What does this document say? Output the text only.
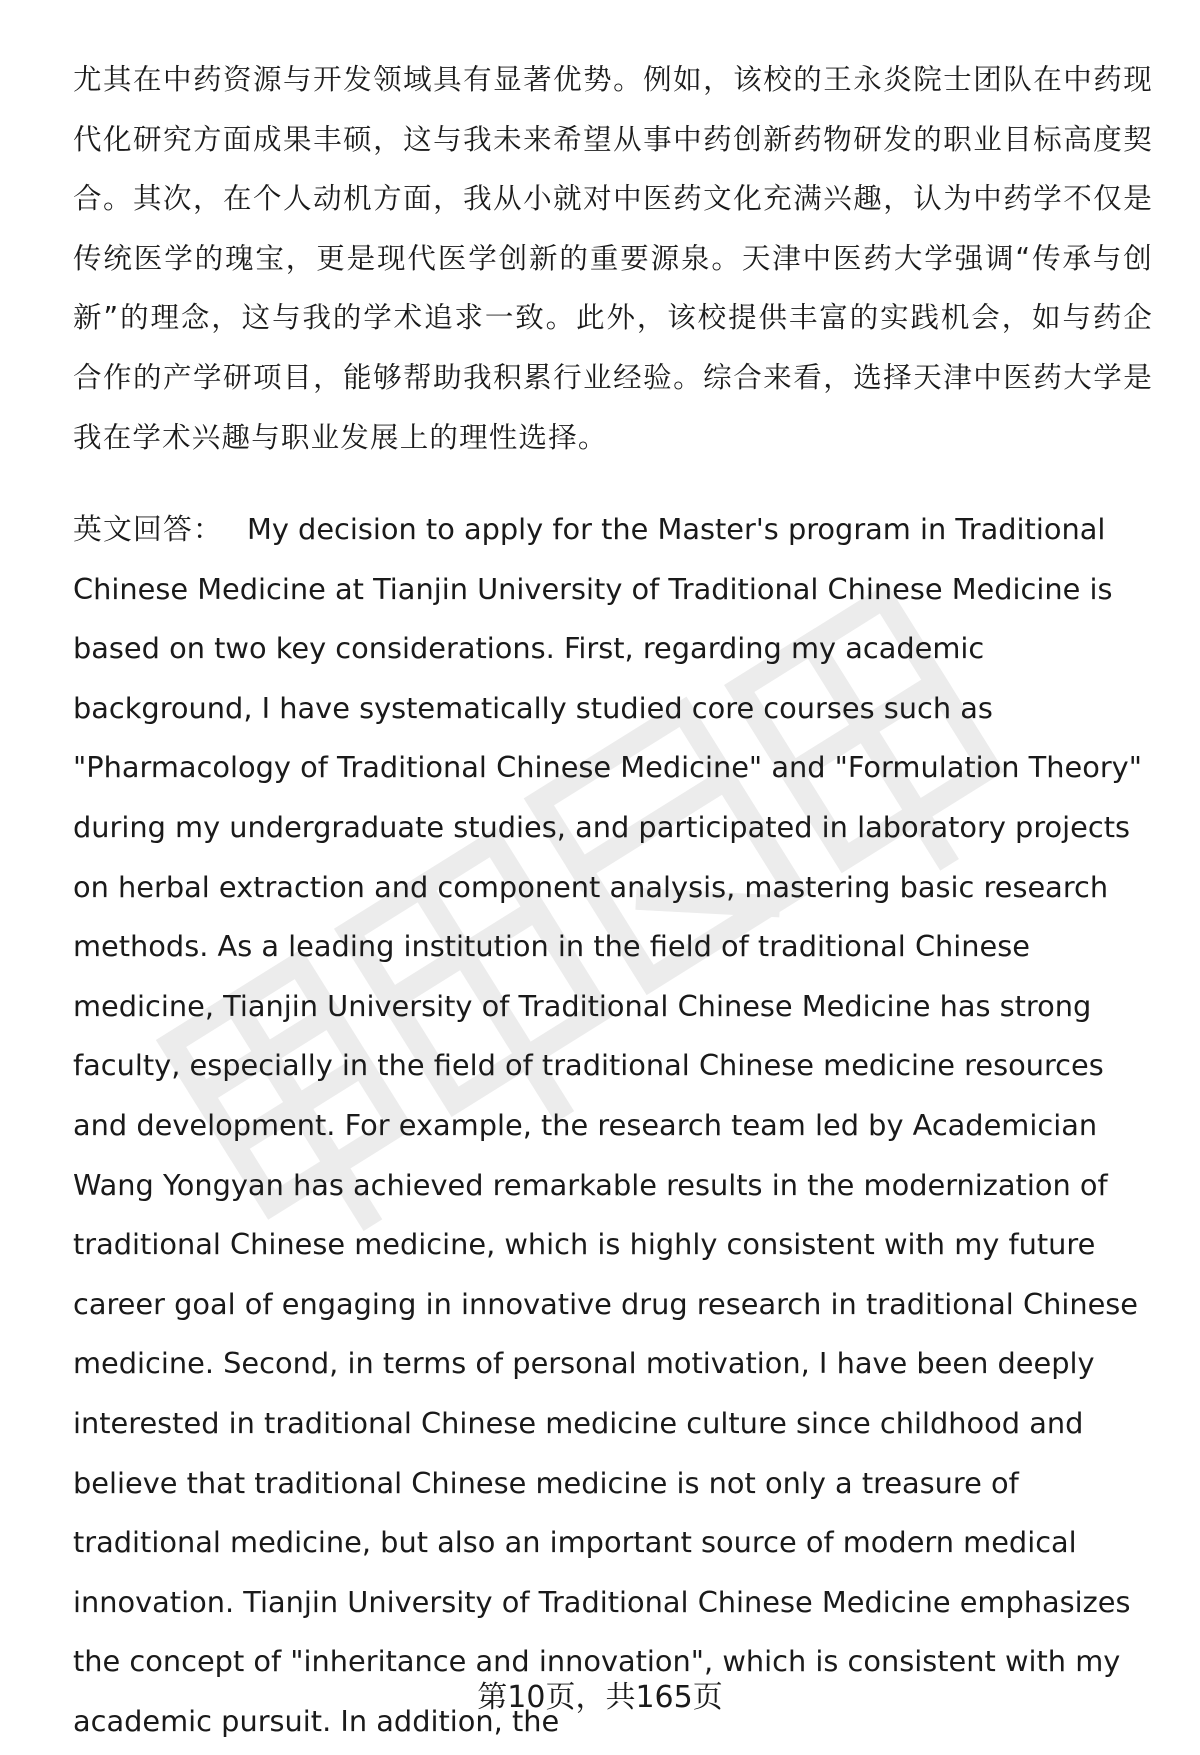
尤其在中药资源与开发领域具有显著优势。例如，该校的王永炎院士团队在中药现代化研究方面成果丰硕，这与我未来希望从事中药创新药物研发的职业目标高度契合。其次，在个人动机方面，我从小就对中医药文化充满兴趣，认为中药学不仅是传统医学的瑰宝，更是现代医学创新的重要源泉。天津中医药大学强调“传承与创新”的理念，这与我的学术追求一致。此外，该校提供丰富的实践机会，如与药企合作的产学研项目，能够帮助我积累行业经验。综合来看，选择天津中医药大学是我在学术兴趣与职业发展上的理性选择。

英文回答： My decision to apply for the Master's program in Traditional Chinese Medicine at Tianjin University of Traditional Chinese Medicine is based on two key considerations. First, regarding my academic background, I have systematically studied core courses such as "Pharmacology of Traditional Chinese Medicine" and "Formulation Theory" during my undergraduate studies, and participated in laboratory projects on herbal extraction and component analysis, mastering basic research methods. As a leading institution in the field of traditional Chinese medicine, Tianjin University of Traditional Chinese Medicine has strong faculty, especially in the field of traditional Chinese medicine resources and development. For example, the research team led by Academician Wang Yongyan has achieved remarkable results in the modernization of traditional Chinese medicine, which is highly consistent with my future career goal of engaging in innovative drug research in traditional Chinese medicine. Second, in terms of personal motivation, I have been deeply interested in traditional Chinese medicine culture since childhood and believe that traditional Chinese medicine is not only a treasure of traditional medicine, but also an important source of modern medical innovation. Tianjin University of Traditional Chinese Medicine emphasizes the concept of "inheritance and innovation", which is consistent with my academic pursuit. In addition, the

第10页，共165页
